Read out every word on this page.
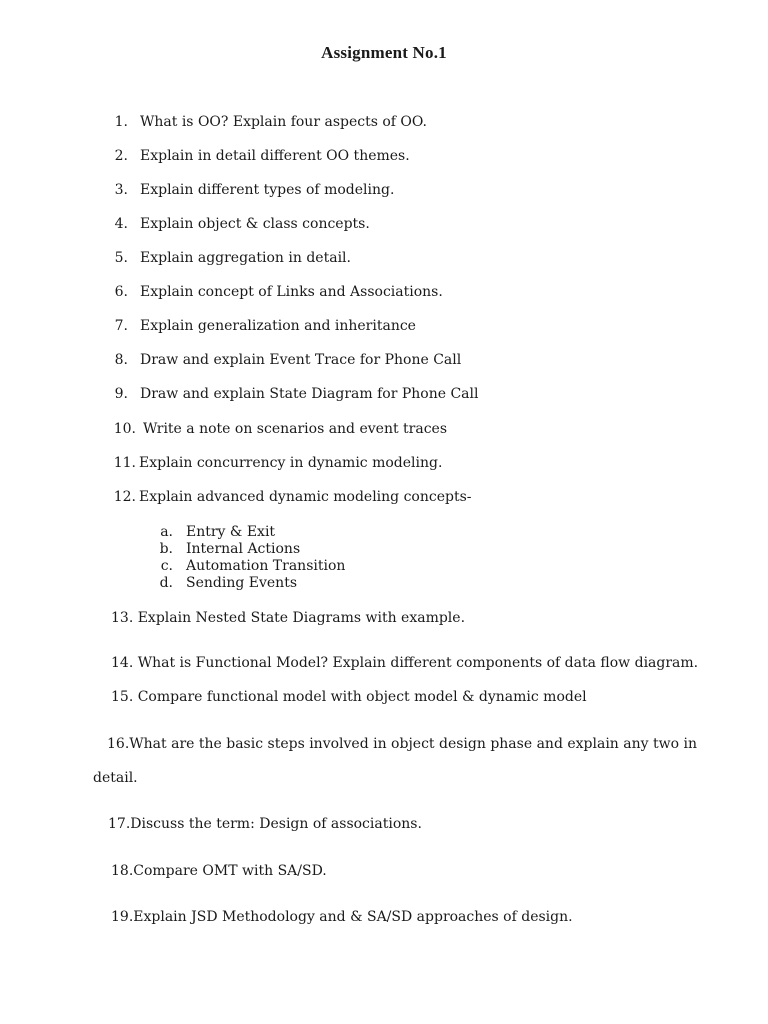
Assignment No.1
1. What is OO? Explain four aspects of OO.
2. Explain in detail different OO themes.
3. Explain different types of modeling.
4. Explain object & class concepts.
5. Explain aggregation in detail.
6. Explain concept of Links and Associations.
7. Explain generalization and inheritance
8. Draw and explain Event Trace for Phone Call
9. Draw and explain State Diagram for Phone Call
10. Write a note on scenarios and event traces
11. Explain concurrency in dynamic modeling.
12. Explain advanced dynamic modeling concepts-
a. Entry & Exit
b. Internal Actions
c. Automation Transition
d. Sending Events
13. Explain Nested State Diagrams with example.
14. What is Functional Model? Explain different components of data flow diagram.
15. Compare functional model with object model & dynamic model
16.What are the basic steps involved in object design phase and explain any two in
detail.
17.Discuss the term: Design of associations.
18.Compare OMT with SA/SD.
19.Explain JSD Methodology and & SA/SD approaches of design.
